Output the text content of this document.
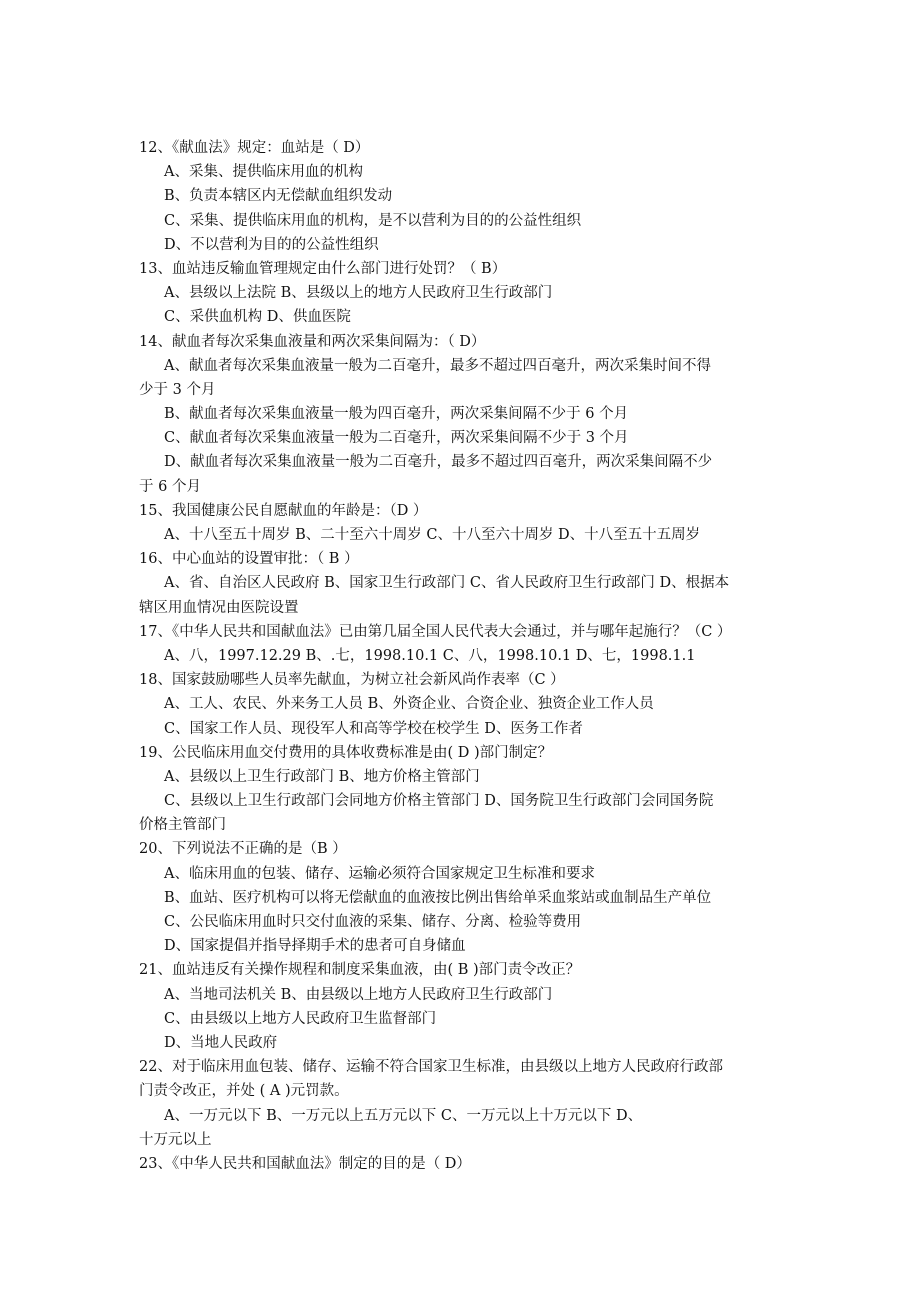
12、《献血法》规定：血站是（ D）
A、采集、提供临床用血的机构
B、负责本辖区内无偿献血组织发动
C、采集、提供临床用血的机构，是不以营利为目的的公益性组织
D、不以营利为目的的公益性组织
13、血站违反输血管理规定由什么部门进行处罚？（ B）
A、县级以上法院 B、县级以上的地方人民政府卫生行政部门
C、采供血机构 D、供血医院
14、献血者每次采集血液量和两次采集间隔为：（ D）
A、献血者每次采集血液量一般为二百毫升，最多不超过四百毫升，两次采集时间不得
少于 3 个月
B、献血者每次采集血液量一般为四百毫升，两次采集间隔不少于 6 个月
C、献血者每次采集血液量一般为二百毫升，两次采集间隔不少于 3 个月
D、献血者每次采集血液量一般为二百毫升，最多不超过四百毫升，两次采集间隔不少
于 6 个月
15、我国健康公民自愿献血的年龄是：（D ）
A、十八至五十周岁 B、二十至六十周岁 C、十八至六十周岁 D、十八至五十五周岁
16、中心血站的设置审批：（ B ）
A、省、自治区人民政府 B、国家卫生行政部门 C、省人民政府卫生行政部门 D、根据本
辖区用血情况由医院设置
17、《中华人民共和国献血法》已由第几届全国人民代表大会通过，并与哪年起施行？（C ）
A、八，1997.12.29 B、.七，1998.10.1 C、八，1998.10.1 D、七，1998.1.1
18、国家鼓励哪些人员率先献血，为树立社会新风尚作表率（C ）
A、工人、农民、外来务工人员 B、外资企业、合资企业、独资企业工作人员
C、国家工作人员、现役军人和高等学校在校学生 D、医务工作者
19、公民临床用血交付费用的具体收费标准是由( D )部门制定？
A、县级以上卫生行政部门 B、地方价格主管部门
C、县级以上卫生行政部门会同地方价格主管部门 D、国务院卫生行政部门会同国务院
价格主管部门
20、下列说法不正确的是（B ）
A、临床用血的包装、储存、运输必须符合国家规定卫生标准和要求
B、血站、医疗机构可以将无偿献血的血液按比例出售给单采血浆站或血制品生产单位
C、公民临床用血时只交付血液的采集、储存、分离、检验等费用
D、国家提倡并指导择期手术的患者可自身储血
21、血站违反有关操作规程和制度采集血液，由( B )部门责令改正？
A、当地司法机关 B、由县级以上地方人民政府卫生行政部门
C、由县级以上地方人民政府卫生监督部门
D、当地人民政府
22、对于临床用血包装、储存、运输不符合国家卫生标准，由县级以上地方人民政府行政部
门责令改正，并处 ( A )元罚款。
A、一万元以下 B、一万元以上五万元以下 C、一万元以上十万元以下 D、
十万元以上
23、《中华人民共和国献血法》制定的目的是（ D）
